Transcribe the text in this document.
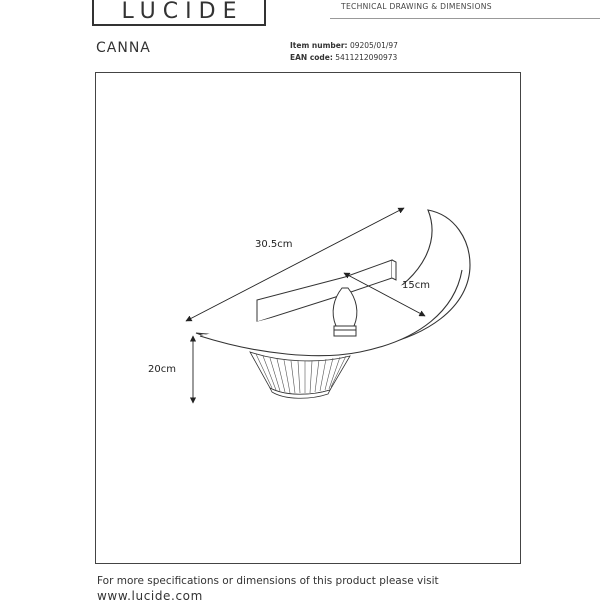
LUCIDE	TECHNICAL DRAWING & DIMENSIONS
CANNA	Item number: 09205/01/97
EAN code: 5411212090973
30.5cm
15cm
20cm
For more specifications or dimensions of this product please visit
www.lucide.com
